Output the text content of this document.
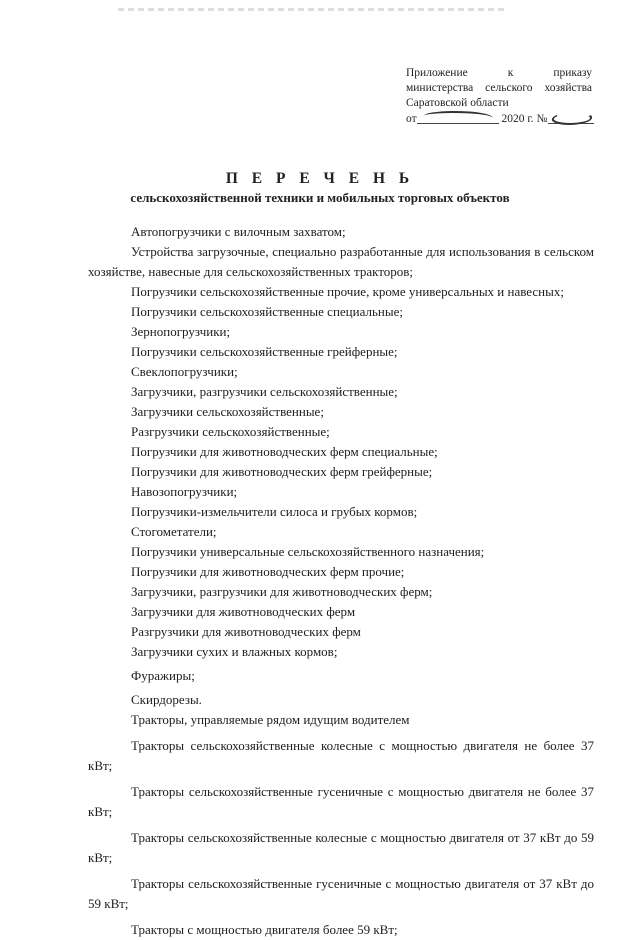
Приложение	к	приказу
министерства сельского хозяйства
Саратовской области
от	2020 г. №
П Е Р Е Ч Е Н Ь
сельскохозяйственной техники и мобильных торговых объектов

Автопогрузчики с вилочным захватом;

Устройства загрузочные, специально разработанные для использования в сельском хозяйстве, навесные для сельскохозяйственных тракторов;

Погрузчики сельскохозяйственные прочие, кроме универсальных и навесных;

Погрузчики сельскохозяйственные специальные;

Зернопогрузчики;

Погрузчики сельскохозяйственные грейферные;

Свеклопогрузчики;

Загрузчики, разгрузчики сельскохозяйственные;

Загрузчики сельскохозяйственные;

Разгрузчики сельскохозяйственные;

Погрузчики для животноводческих ферм специальные;

Погрузчики для животноводческих ферм грейферные;

Навозопогрузчики;

Погрузчики-измельчители силоса и грубых кормов;

Стогометатели;

Погрузчики универсальные сельскохозяйственного назначения;

Погрузчики для животноводческих ферм прочие;

Загрузчики, разгрузчики для животноводческих ферм;

Загрузчики для животноводческих ферм

Разгрузчики для животноводческих ферм

Загрузчики сухих и влажных кормов;

Фуражиры;

Скирдорезы.

Тракторы, управляемые рядом идущим водителем

Тракторы сельскохозяйственные колесные с мощностью двигателя не более 37 кВт;

Тракторы сельскохозяйственные гусеничные с мощностью двигателя не более 37 кВт;

Тракторы сельскохозяйственные колесные с мощностью двигателя от 37 кВт до 59 кВт;

Тракторы сельскохозяйственные гусеничные с мощностью двигателя от 37 кВт до 59 кВт;

Тракторы с мощностью двигателя более 59 кВт;
